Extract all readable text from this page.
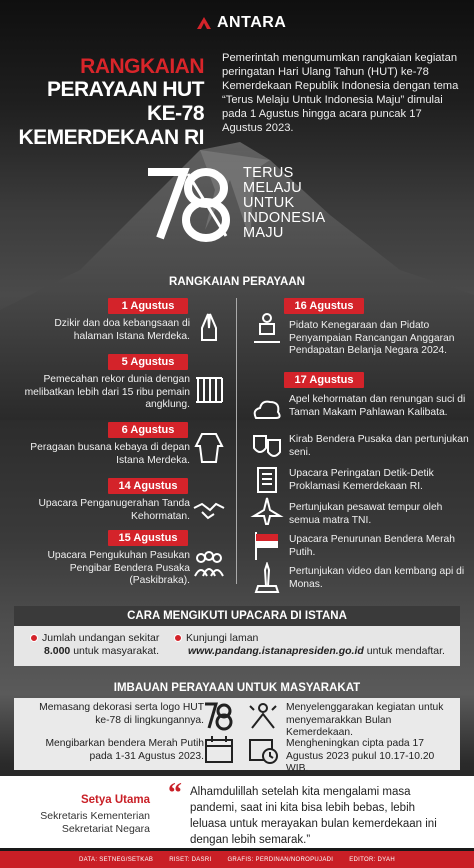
ANTARA
RANGKAIAN
PERAYAAN HUT KE-78
KEMERDEKAAN RI
Pemerintah mengumumkan rangkaian kegiatan peringatan Hari Ulang Tahun (HUT) ke-78 Kemerdekaan Republik Indonesia dengan tema “Terus Melaju Untuk Indonesia Maju” dimulai pada 1 Agustus hingga acara puncak 17 Agustus 2023.
TERUS
MELAJU
UNTUK
INDONESIA
MAJU
RANGKAIAN PERAYAAN
1 Agustus
Dzikir dan doa kebangsaan di halaman Istana Merdeka.
5 Agustus
Pemecahan rekor dunia dengan melibatkan lebih dari 15 ribu pemain angklung.
6 Agustus
Peragaan busana kebaya di depan Istana Merdeka.
14 Agustus
Upacara Penganugerahan Tanda Kehormatan.
15 Agustus
Upacara Pengukuhan Pasukan Pengibar Bendera Pusaka (Paskibraka).
16 Agustus
Pidato Kenegaraan dan Pidato Penyampaian Rancangan Anggaran Pendapatan Belanja Negara 2024.
17 Agustus
Apel kehormatan dan renungan suci di Taman Makam Pahlawan Kalibata.
Kirab Bendera Pusaka dan pertunjukan seni.
Upacara Peringatan Detik-Detik Proklamasi Kemerdekaan RI.
Pertunjukan pesawat tempur oleh semua matra TNI.
Upacara Penurunan Bendera Merah Putih.
Pertunjukan video dan kembang api di Monas.
CARA MENGIKUTI UPACARA DI ISTANA
Jumlah undangan sekitar
8.000 untuk masyarakat.
Kunjungi laman
www.pandang.istanapresiden.go.id untuk mendaftar.
IMBAUAN PERAYAAN UNTUK MASYARAKAT
Memasang dekorasi serta logo HUT ke-78 di lingkungannya.
Mengibarkan bendera Merah Putih pada 1-31 Agustus 2023.
Menyelenggarakan kegiatan untuk menyemarakkan Bulan Kemerdekaan.
Mengheningkan cipta pada 17 Agustus 2023 pukul 10.17-10.20 WIB.
Setya Utama
Sekretaris Kementerian
Sekretariat Negara
“ Alhamdulillah setelah kita mengalami masa pandemi, saat ini kita bisa lebih bebas, lebih leluasa untuk merayakan bulan kemerdekaan ini dengan lebih semarak.”
DATA: SETNEG/SETKAB	RISET: DASRI	GRAFIS: PERDINAN/NOROPUJADI	EDITOR: DYAH
